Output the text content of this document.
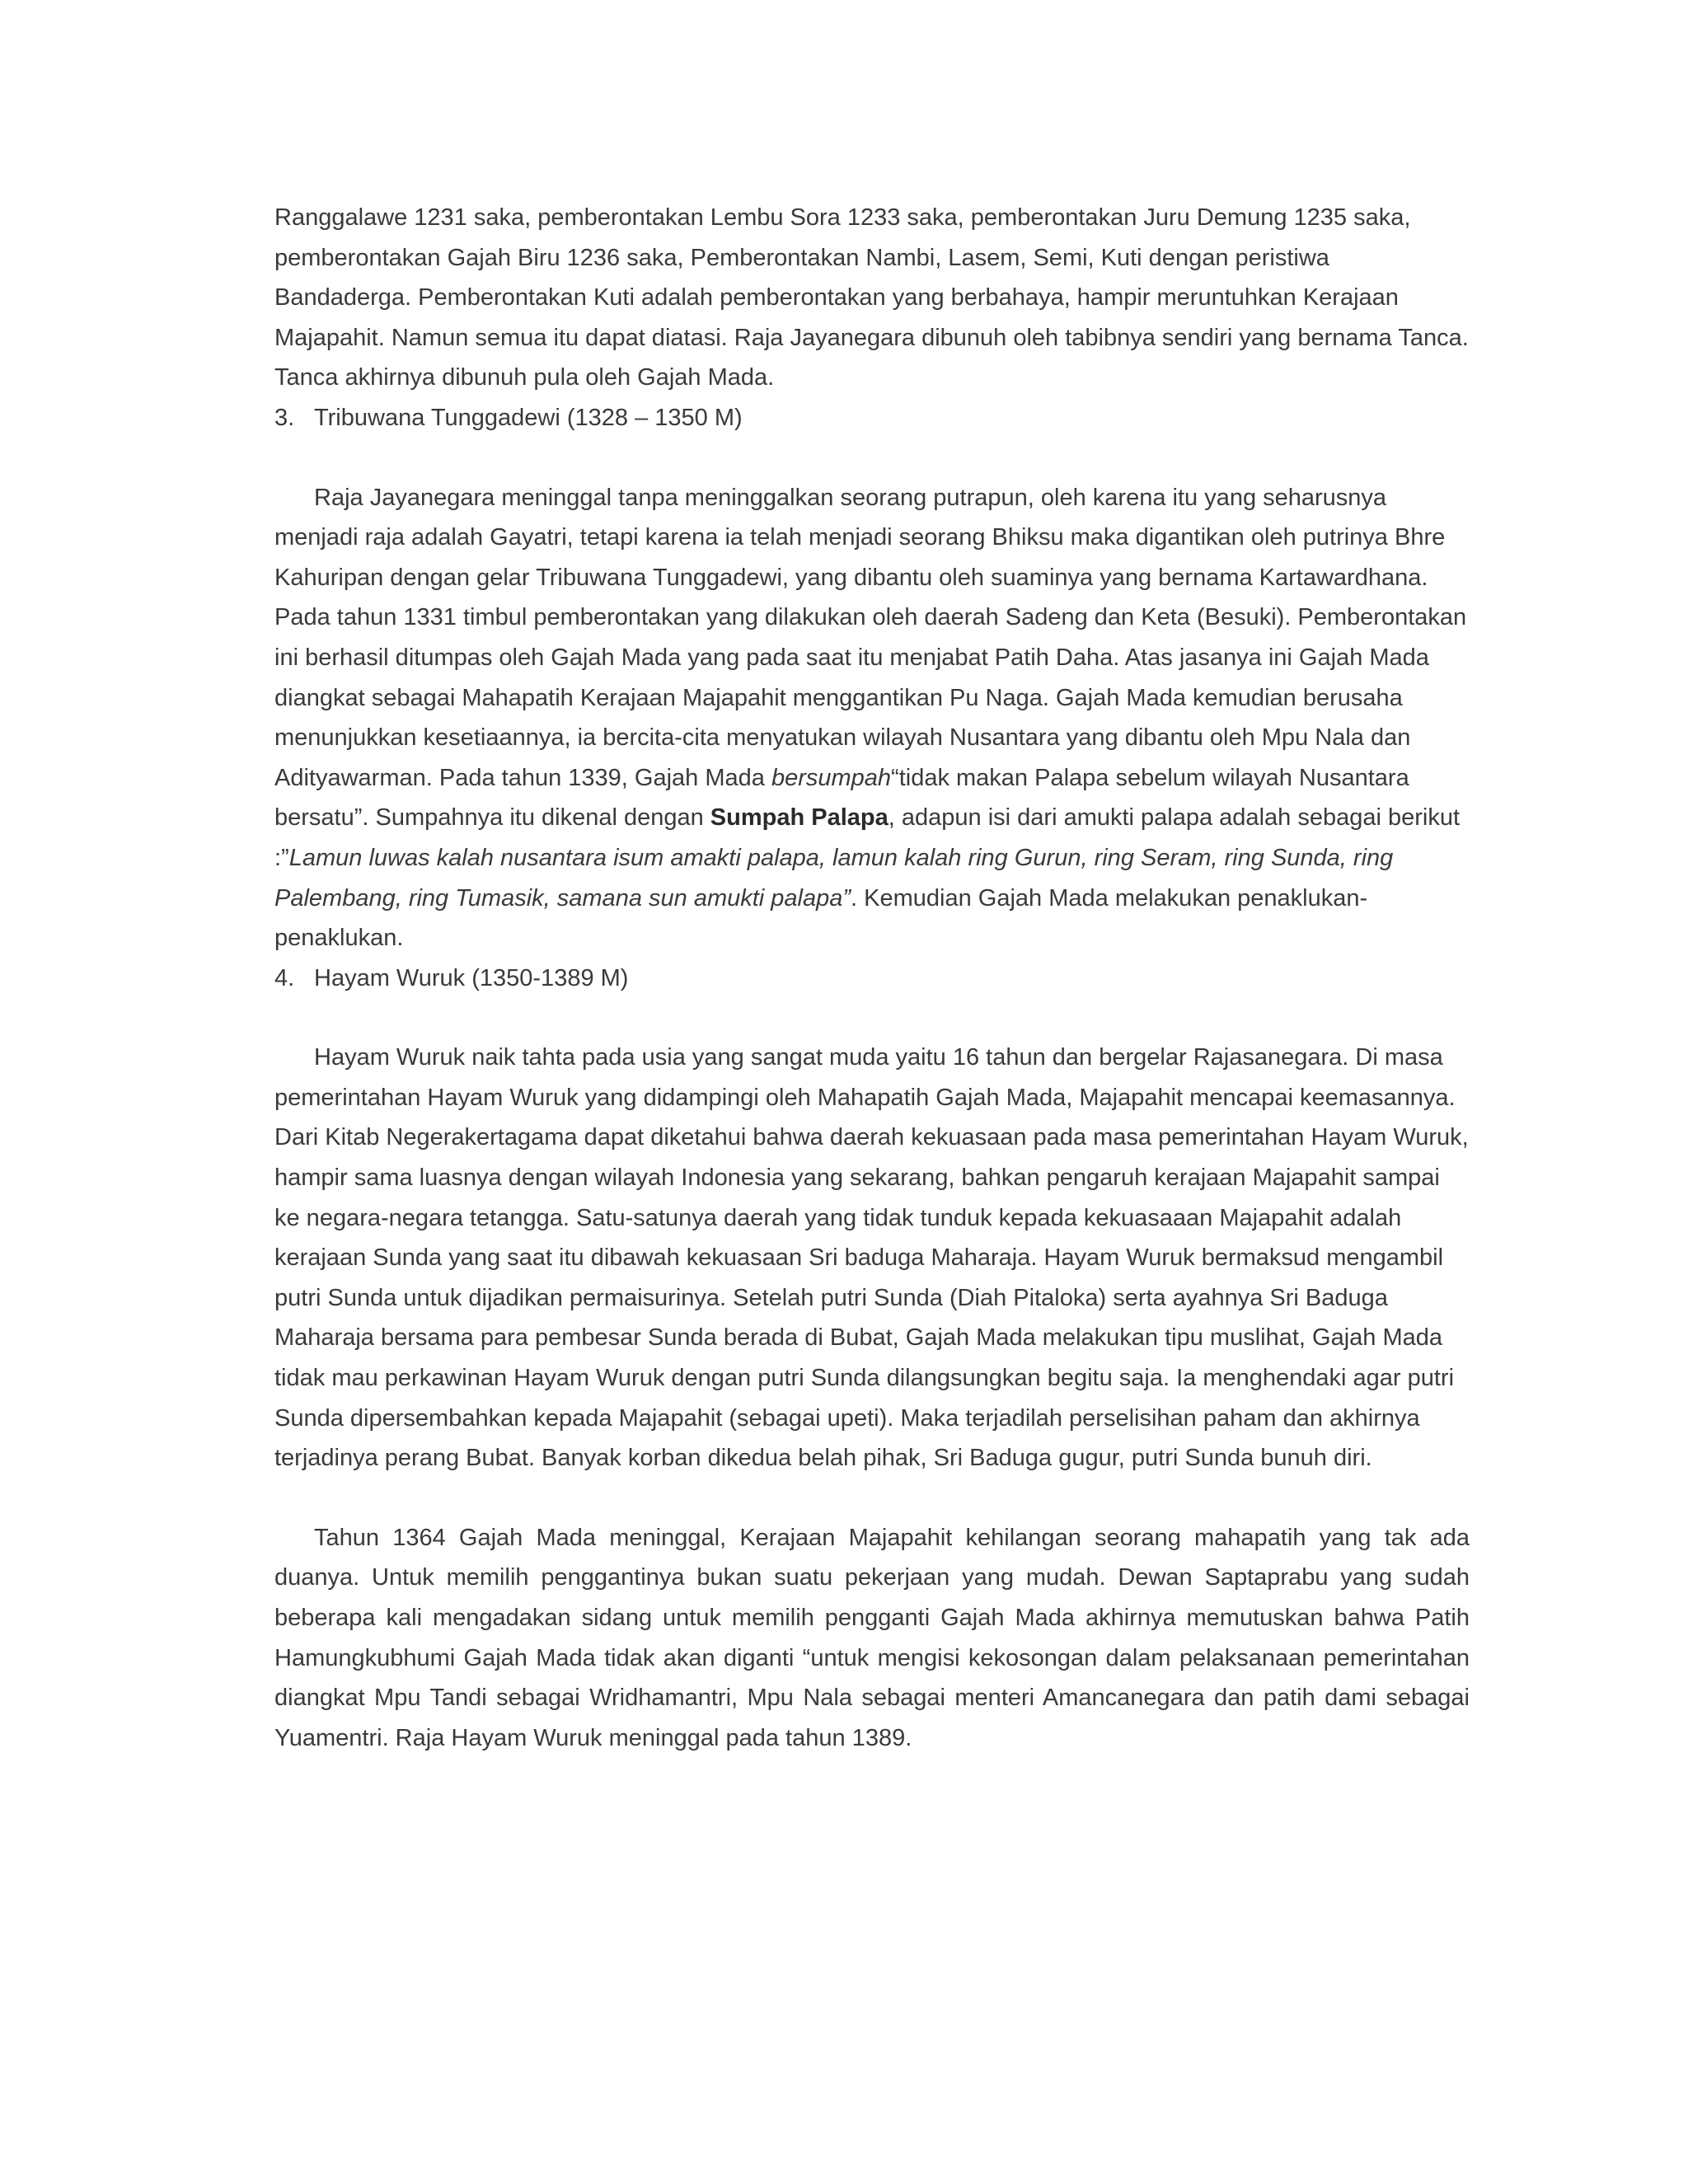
Ranggalawe 1231 saka, pemberontakan Lembu Sora 1233 saka, pemberontakan Juru Demung 1235 saka, pemberontakan Gajah Biru 1236 saka, Pemberontakan Nambi, Lasem, Semi, Kuti dengan peristiwa Bandaderga. Pemberontakan Kuti adalah pemberontakan yang berbahaya, hampir meruntuhkan Kerajaan Majapahit. Namun semua itu dapat diatasi. Raja Jayanegara dibunuh oleh tabibnya sendiri yang bernama Tanca. Tanca akhirnya dibunuh pula oleh Gajah Mada.

3. Tribuwana Tunggadewi (1328 – 1350 M)

Raja Jayanegara meninggal tanpa meninggalkan seorang putrapun, oleh karena itu yang seharusnya menjadi raja adalah Gayatri, tetapi karena ia telah menjadi seorang Bhiksu maka digantikan oleh putrinya Bhre Kahuripan dengan gelar Tribuwana Tunggadewi, yang dibantu oleh suaminya yang bernama Kartawardhana. Pada tahun 1331 timbul pemberontakan yang dilakukan oleh daerah Sadeng dan Keta (Besuki). Pemberontakan ini berhasil ditumpas oleh Gajah Mada yang pada saat itu menjabat Patih Daha. Atas jasanya ini Gajah Mada diangkat sebagai Mahapatih Kerajaan Majapahit menggantikan Pu Naga. Gajah Mada kemudian berusaha menunjukkan kesetiaannya, ia bercita-cita menyatukan wilayah Nusantara yang dibantu oleh Mpu Nala dan Adityawarman. Pada tahun 1339, Gajah Mada bersumpah“tidak makan Palapa sebelum wilayah Nusantara bersatu”. Sumpahnya itu dikenal dengan Sumpah Palapa, adapun isi dari amukti palapa adalah sebagai berikut :”Lamun luwas kalah nusantara isum amakti palapa, lamun kalah ring Gurun, ring Seram, ring Sunda, ring Palembang, ring Tumasik, samana sun amukti palapa”. Kemudian Gajah Mada melakukan penaklukan-penaklukan.

4. Hayam Wuruk (1350-1389 M)

Hayam Wuruk naik tahta pada usia yang sangat muda yaitu 16 tahun dan bergelar Rajasanegara. Di masa pemerintahan Hayam Wuruk yang didampingi oleh Mahapatih Gajah Mada, Majapahit mencapai keemasannya. Dari Kitab Negerakertagama dapat diketahui bahwa daerah kekuasaan pada masa pemerintahan Hayam Wuruk, hampir sama luasnya dengan wilayah Indonesia yang sekarang, bahkan pengaruh kerajaan Majapahit sampai ke negara-negara tetangga. Satu-satunya daerah yang tidak tunduk kepada kekuasaaan Majapahit adalah kerajaan Sunda yang saat itu dibawah kekuasaan Sri baduga Maharaja. Hayam Wuruk bermaksud mengambil putri Sunda untuk dijadikan permaisurinya. Setelah putri Sunda (Diah Pitaloka) serta ayahnya Sri Baduga Maharaja bersama para pembesar Sunda berada di Bubat, Gajah Mada melakukan tipu muslihat, Gajah Mada tidak mau perkawinan Hayam Wuruk dengan putri Sunda dilangsungkan begitu saja. Ia menghendaki agar putri Sunda dipersembahkan kepada Majapahit (sebagai upeti). Maka terjadilah perselisihan paham dan akhirnya terjadinya perang Bubat. Banyak korban dikedua belah pihak, Sri Baduga gugur, putri Sunda bunuh diri.

Tahun 1364 Gajah Mada meninggal, Kerajaan Majapahit kehilangan seorang mahapatih yang tak ada duanya. Untuk memilih penggantinya bukan suatu pekerjaan yang mudah. Dewan Saptaprabu yang sudah beberapa kali mengadakan sidang untuk memilih pengganti Gajah Mada akhirnya memutuskan bahwa Patih Hamungkubhumi Gajah Mada tidak akan diganti “untuk mengisi kekosongan dalam pelaksanaan pemerintahan diangkat Mpu Tandi sebagai Wridhamantri, Mpu Nala sebagai menteri Amancanegara dan patih dami sebagai Yuamentri. Raja Hayam Wuruk meninggal pada tahun 1389.
